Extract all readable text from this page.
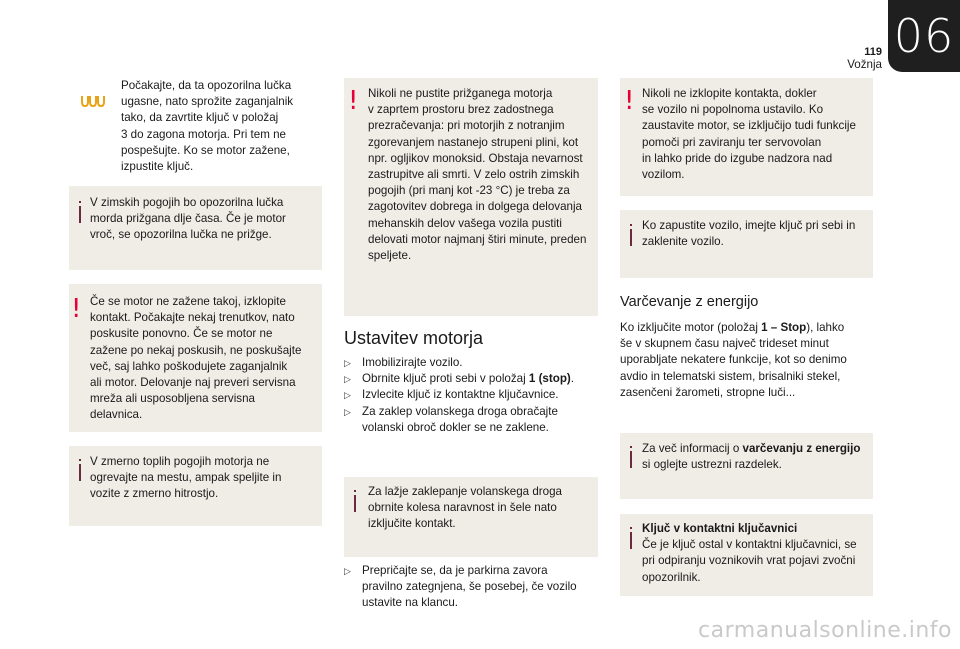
06
119
Vožnja
Počakajte, da ta opozorilna lučka
ugasne, nato sprožite zaganjalnik
tako, da zavrtite ključ v položaj
3 do zagona motorja. Pri tem ne
pospešujte. Ko se motor zažene,
izpustite ključ.
V zimskih pogojih bo opozorilna lučka
morda prižgana dlje časa. Če je motor
vroč, se opozorilna lučka ne prižge.
! Če se motor ne zažene takoj, izklopite
kontakt. Počakajte nekaj trenutkov, nato
poskusite ponovno. Če se motor ne
zažene po nekaj poskusih, ne poskušajte
več, saj lahko poškodujete zaganjalnik
ali motor. Delovanje naj preveri servisna
mreža ali usposobljena servisna
delavnica.
V zmerno toplih pogojih motorja ne
ogrevajte na mestu, ampak speljite in
vozite z zmerno hitrostjo.
! Nikoli ne pustite prižganega motorja
v zaprtem prostoru brez zadostnega
prezračevanja: pri motorjih z notranjim
zgorevanjem nastanejo strupeni plini, kot
npr. ogljikov monoksid. Obstaja nevarnost
zastrupitve ali smrti. V zelo ostrih zimskih
pogojih (pri manj kot -23 °C) je treba za
zagotovitev dobrega in dolgega delovanja
mehanskih delov vašega vozila pustiti
delovati motor najmanj štiri minute, preden
speljete.
Ustavitev motorja
▷ Imobilizirajte vozilo.
▷ Obrnite ključ proti sebi v položaj 1 (stop).
▷ Izvlecite ključ iz kontaktne ključavnice.
▷ Za zaklep volanskega droga obračajte
volanski obroč dokler se ne zaklene.
Za lažje zaklepanje volanskega droga
obrnite kolesa naravnost in šele nato
izključite kontakt.
▷ Prepričajte se, da je parkirna zavora
pravilno zategnjena, še posebej, če vozilo
ustavite na klancu.
! Nikoli ne izklopite kontakta, dokler
se vozilo ni popolnoma ustavilo. Ko
zaustavite motor, se izključijo tudi funkcije
pomoči pri zaviranju ter servovolan
in lahko pride do izgube nadzora nad
vozilom.
Ko zapustite vozilo, imejte ključ pri sebi in
zaklenite vozilo.
Varčevanje z energijo
Ko izključite motor (položaj 1 – Stop), lahko
še v skupnem času največ trideset minut
uporabljate nekatere funkcije, kot so denimo
avdio in telematski sistem, brisalniki stekel,
zasenčeni žarometi, stropne luči...
Za več informacij o varčevanju z energijo
si oglejte ustrezni razdelek.
Ključ v kontaktni ključavnici
Če je ključ ostal v kontaktni ključavnici, se
pri odpiranju voznikovih vrat pojavi zvočni
opozorilnik.
carmanualsonline.info
